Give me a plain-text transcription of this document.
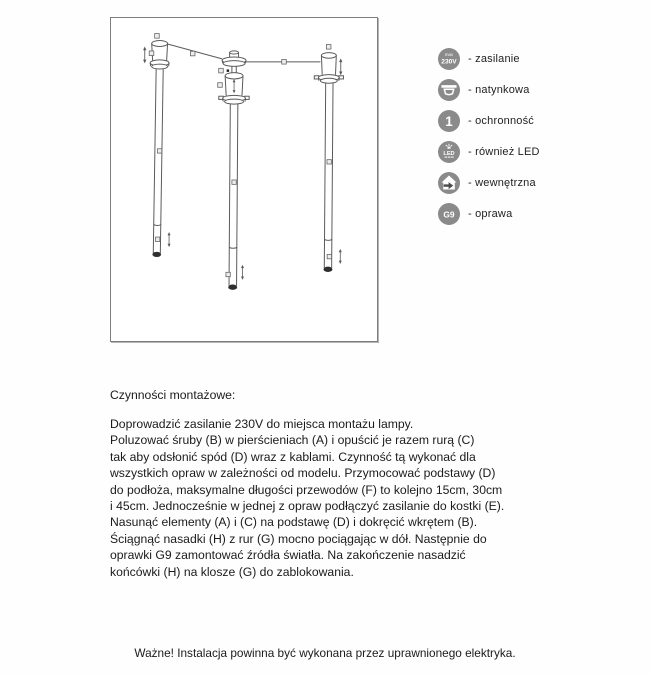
max
230V - zasilanie
- natynkowa
1 - ochronność
LED - również LED
- wewnętrzna
G9 - oprawa
Czynności montażowe:
Doprowadzić zasilanie 230V do miejsca montażu lampy.
Poluzować śruby (B) w pierścieniach (A) i opuścić je razem rurą (C)
tak aby odsłonić spód (D) wraz z kablami. Czynność tą wykonać dla
wszystkich opraw w zależności od modelu. Przymocować podstawy (D)
do podłoża, maksymalne długości przewodów (F) to kolejno 15cm, 30cm
i 45cm. Jednocześnie w jednej z opraw podłączyć zasilanie do kostki (E).
Nasunąć elementy (A) i (C) na podstawę (D) i dokręcić wkrętem (B).
Ściągnąć nasadki (H) z rur (G) mocno pociągając w dół. Następnie do
oprawki G9 zamontować źródła światła. Na zakończenie nasadzić
końcówki (H) na klosze (G) do zablokowania.
Ważne! Instalacja powinna być wykonana przez uprawnionego elektryka.
